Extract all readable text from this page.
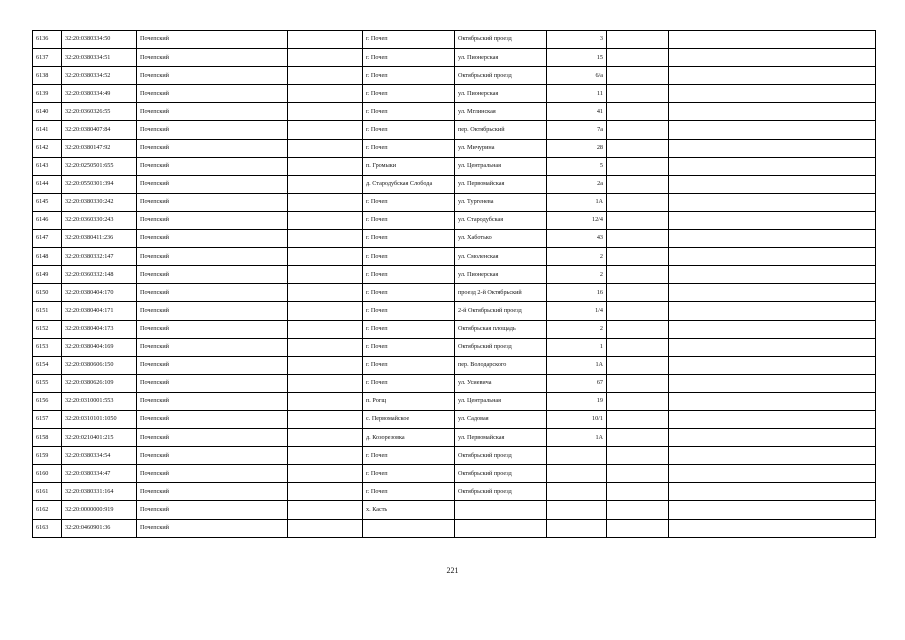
6136	32:20:0380334:50	Почепский		г. Почеп	Октябрьский проезд	3		
6137	32:20:0380334:51	Почепский		г. Почеп	ул. Пионерская	15		
6138	32:20:0380334:52	Почепский		г. Почеп	Октябрьский проезд	6/а		
6139	32:20:0380334:49	Почепский		г. Почеп	ул. Пионерская	11		
6140	32:20:0360326:55	Почепский		г. Почеп	ул. Мглинская	41		
6141	32:20:0380407:84	Почепский		г. Почеп	пер. Октябрьский	7а		
6142	32:20:0380147:92	Почепский		г. Почеп	ул. Мичурина	28		
6143	32:20:0250501:655	Почепский		п. Громыки	ул. Центральная	5		
6144	32:20:0550301:394	Почепский		д. Стародубская Слобода	ул. Первомайская	2а		
6145	32:20:0380330:242	Почепский		г. Почеп	ул. Тургенева	1А		
6146	32:20:0360330:243	Почепский		г. Почеп	ул. Стародубская	12/4		
6147	32:20:0380411:236	Почепский		г. Почеп	ул. Хаботько	43		
6148	32:20:0380332:147	Почепский		г. Почеп	ул. Смоленская	2		
6149	32:20:0360332:148	Почепский		г. Почеп	ул. Пионерская	2		
6150	32:20:0380404:170	Почепский		г. Почеп	проезд 2-й Октябрьский	16		
6151	32:20:0380404:171	Почепский		г. Почеп	2-й Октябрьский проезд	1/4		
6152	32:20:0380404:173	Почепский		г. Почеп	Октябрьская площадь	2		
6153	32:20:0380404:169	Почепский		г. Почеп	Октябрьский проезд	1		
6154	32:20:0380606:150	Почепский		г. Почеп	пер. Володарского	1А		
6155	32:20:0380626:109	Почепский		г. Почеп	ул. Усиевича	67		
6156	32:20:0310001:553	Почепский		п. Рогщ	ул. Центральная	19		
6157	32:20:0310101:1050	Почепский		с. Первомайское	ул. Садовая	10/1		
6158	32:20:0210401:215	Почепский		д. Козорезовка	ул. Первомайская	1А		
6159	32:20:0380334:54	Почепский		г. Почеп	Октябрьский проезд			
6160	32:20:0380334:47	Почепский		г. Почеп	Октябрьский проезд			
6161	32:20:0380331:164	Почепский		г. Почеп	Октябрьский проезд			
6162	32:20:0000000:919	Почепский		х. Касть				
6163	32:20:0460901:36	Почепский						
221
